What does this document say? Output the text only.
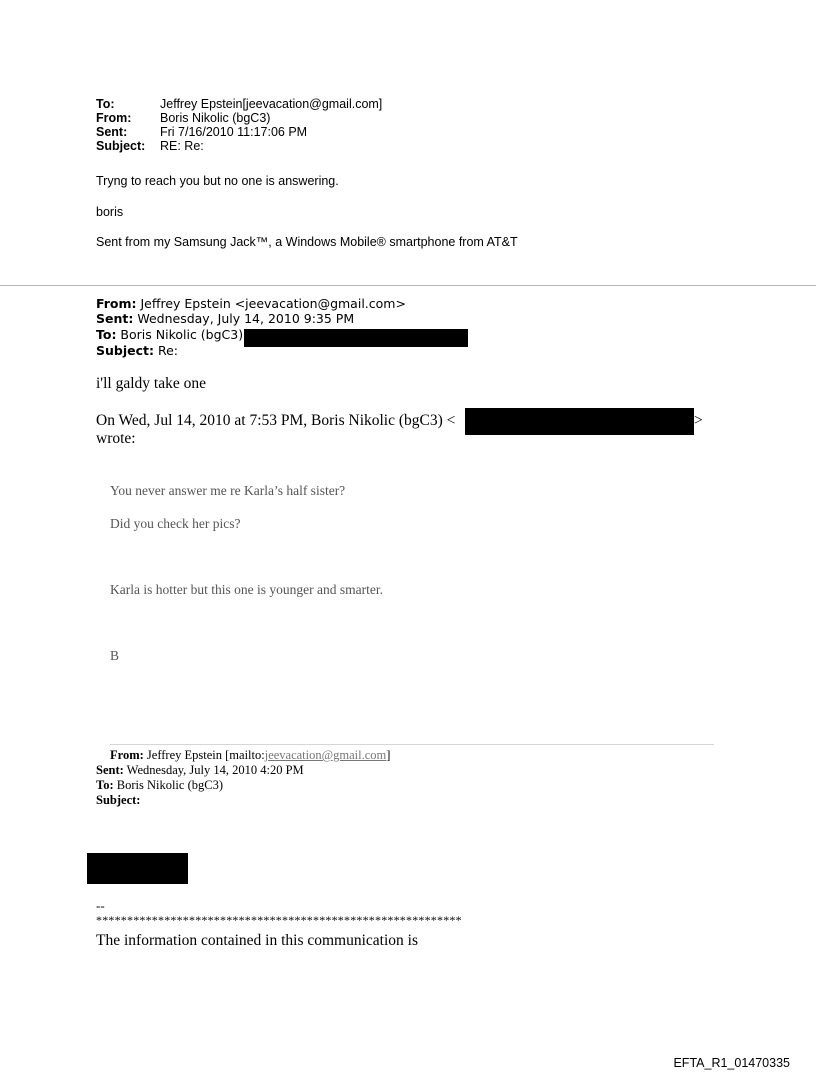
To:	Jeffrey Epstein[jeevacation@gmail.com]
From: Boris Nikolic (bgC3)
Sent:	Fri 7/16/2010 11:17:06 PM
Subject: RE: Re:
Tryng to reach you but no one is answering.
boris
Sent from my Samsung Jack™, a Windows Mobile® smartphone from AT&T
From: Jeffrey Epstein <jeevacation@gmail.com>
Sent: Wednesday, July 14, 2010 9:35 PM
To: Boris Nikolic (bgC3)
Subject: Re:
i'll galdy take one
On Wed, Jul 14, 2010 at 7:53 PM, Boris Nikolic (bgC3) <	>
wrote:
You never answer me re Karla’s half sister?
Did you check her pics?
Karla is hotter but this one is younger and smarter.
B
From: Jeffrey Epstein [mailto:jeevacation@gmail.com]
Sent: Wednesday, July 14, 2010 4:20 PM
To: Boris Nikolic (bgC3)
Subject:
--
***********************************************************
The information contained in this communication is
EFTA_R1_01470335
